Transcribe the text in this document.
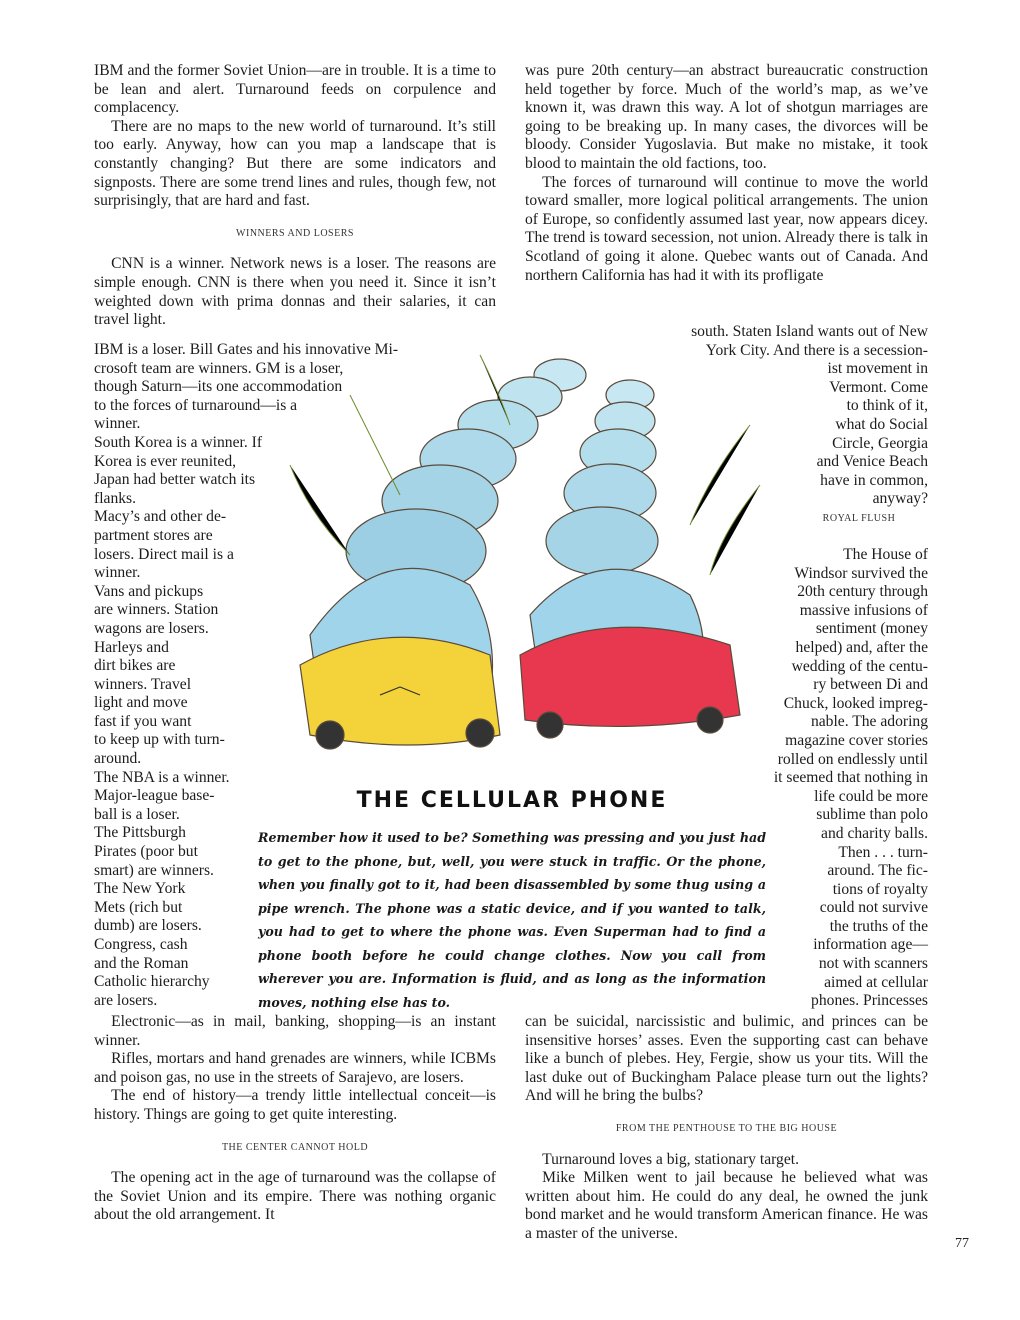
IBM and the former Soviet Union—are in trouble. It is a time to be lean and alert. Turnaround feeds on corpulence and complacency.

There are no maps to the new world of turnaround. It’s still too early. Anyway, how can you map a landscape that is constantly changing? But there are some indicators and signposts. There are some trend lines and rules, though few, not surprisingly, that are hard and fast.

WINNERS AND LOSERS

CNN is a winner. Network news is a loser. The reasons are simple enough. CNN is there when you need it. Since it isn’t weighted down with prima donnas and their salaries, it can travel light.

IBM is a loser. Bill Gates and his innovative Mi-
crosoft team are winners. GM is a loser,
though Saturn—its one accommodation
to the forces of turnaround—is a
winner.
South Korea is a winner. If
Korea is ever reunited,
Japan had better watch its
flanks.
Macy’s and other de-
partment stores are
losers. Direct mail is a
winner.
Vans and pickups
are winners. Station
wagons are losers.
Harleys and
dirt bikes are
winners. Travel
light and move
fast if you want
to keep up with turn-
around.
The NBA is a winner.
Major-league base-
ball is a loser.
The Pittsburgh
Pirates (poor but
smart) are winners.
The New York
Mets (rich but
dumb) are losers.
Congress, cash
and the Roman
Catholic hierarchy
are losers.

Electronic—as in mail, banking, shopping—is an instant winner.

Rifles, mortars and hand grenades are winners, while ICBMs and poison gas, no use in the streets of Sarajevo, are losers.

The end of history—a trendy little intellectual conceit—is history. Things are going to get quite interesting.

THE CENTER CANNOT HOLD

The opening act in the age of turnaround was the collapse of the Soviet Union and its empire. There was nothing organic about the old arrangement. It

was pure 20th century—an abstract bureaucratic construction held together by force. Much of the world’s map, as we’ve known it, was drawn this way. A lot of shotgun marriages are going to be breaking up. In many cases, the divorces will be bloody. Consider Yugoslavia. But make no mistake, it took blood to maintain the old factions, too.

The forces of turnaround will continue to move the world toward smaller, more logical political arrangements. The union of Europe, so confidently assumed last year, now appears dicey. The trend is toward secession, not union. Already there is talk in Scotland of going it alone. Quebec wants out of Canada. And northern California has had it with its profligate

south. Staten Island wants out of New
York City. And there is a secession-
ist movement in
Vermont. Come
to think of it,
what do Social
Circle, Georgia
and Venice Beach
have in common,
anyway?
ROYAL FLUSH
The House of
Windsor survived the
20th century through
massive infusions of
sentiment (money
helped) and, after the
wedding of the centu-
ry between Di and
Chuck, looked impreg-
nable. The adoring
magazine cover stories
rolled on endlessly until
it seemed that nothing in
life could be more
sublime than polo
and charity balls.
Then . . . turn-
around. The fic-
tions of royalty
could not survive
the truths of the
information age—
not with scanners
aimed at cellular
phones. Princesses

can be suicidal, narcissistic and bulimic, and princes can be insensitive horses’ asses. Even the supporting cast can behave like a bunch of plebes. Hey, Fergie, show us your tits. Will the last duke out of Buckingham Palace please turn out the lights? And will he bring the bulbs?

FROM THE PENTHOUSE TO THE BIG HOUSE

Turnaround loves a big, stationary target.

Mike Milken went to jail because he believed what was written about him. He could do any deal, he owned the junk bond market and he would transform American finance. He was a master of the universe.

THE CELLULAR PHONE
Remember how it used to be? Something was pressing and you just had to get to the phone, but, well, you were stuck in traffic. Or the phone, when you finally got to it, had been disassembled by some thug using a pipe wrench. The phone was a static device, and if you wanted to talk, you had to get to where the phone was. Even Superman had to find a phone booth before he could change clothes. Now you call from wherever you are. Information is fluid, and as long as the information moves, nothing else has to.
77
